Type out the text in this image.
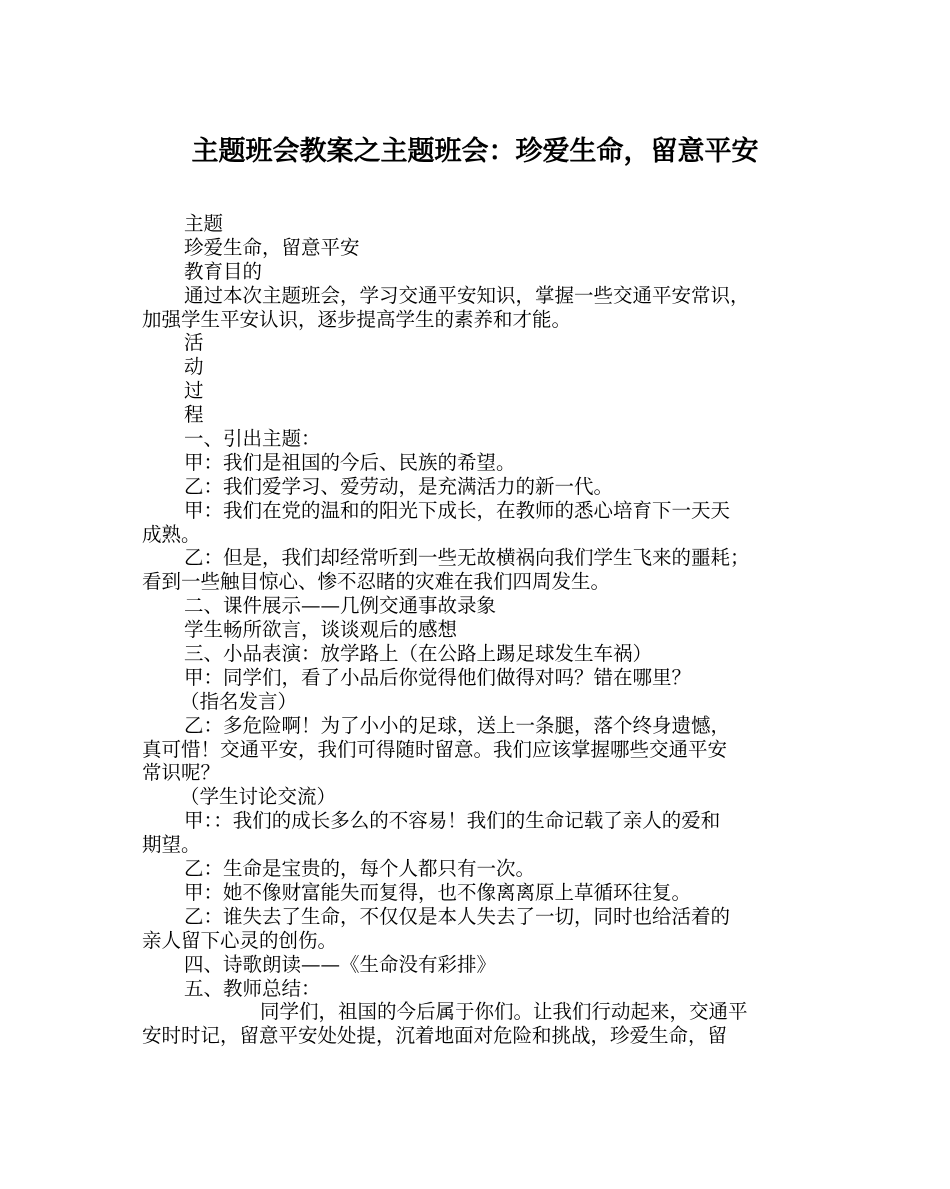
主题班会教案之主题班会：珍爱生命，留意平安
主题
珍爱生命，留意平安
教育目的
通过本次主题班会，学习交通平安知识，掌握一些交通平安常识，
加强学生平安认识，逐步提高学生的素养和才能。
活
动
过
程
一、引出主题：
甲：我们是祖国的今后、民族的希望。
乙：我们爱学习、爱劳动，是充满活力的新一代。
甲：我们在党的温和的阳光下成长，在教师的悉心培育下一天天
成熟。
乙：但是，我们却经常听到一些无故横祸向我们学生飞来的噩耗；
看到一些触目惊心、惨不忍睹的灾难在我们四周发生。
二、课件展示——几例交通事故录象
学生畅所欲言，谈谈观后的感想
三、小品表演：放学路上（在公路上踢足球发生车祸）
甲：同学们，看了小品后你觉得他们做得对吗？错在哪里？
（指名发言）
乙：多危险啊！为了小小的足球，送上一条腿，落个终身遗憾，
真可惜！交通平安，我们可得随时留意。我们应该掌握哪些交通平安
常识呢？
（学生讨论交流）
甲：：我们的成长多么的不容易！我们的生命记载了亲人的爱和
期望。
乙：生命是宝贵的，每个人都只有一次。
甲：她不像财富能失而复得，也不像离离原上草循环往复。
乙：谁失去了生命，不仅仅是本人失去了一切，同时也给活着的
亲人留下心灵的创伤。
四、诗歌朗读——《生命没有彩排》
五、教师总结：
同学们，祖国的今后属于你们。让我们行动起来，交通平
安时时记，留意平安处处提，沉着地面对危险和挑战，珍爱生命，留
